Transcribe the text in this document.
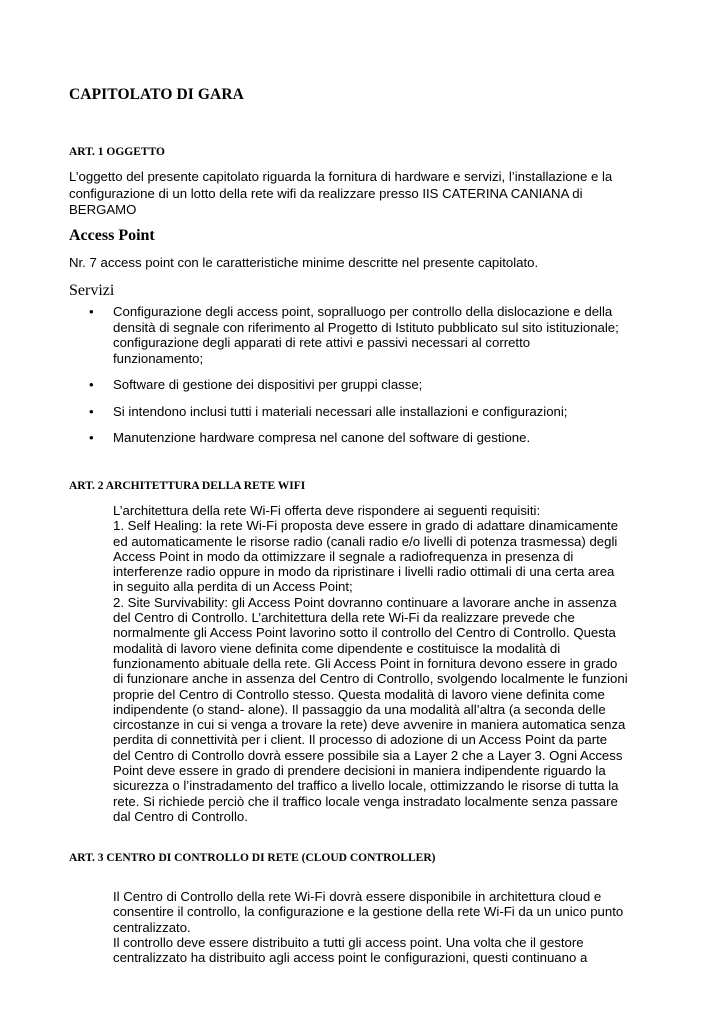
CAPITOLATO DI GARA
ART. 1 OGGETTO
L’oggetto del presente capitolato riguarda la fornitura di hardware e servizi, l’installazione e la
configurazione di un lotto della rete wifi da realizzare presso IIS CATERINA CANIANA di
BERGAMO
Access Point
Nr. 7 access point con le caratteristiche minime descritte nel presente capitolato.
Servizi
• Configurazione degli access point, sopralluogo per controllo della dislocazione e della
densità di segnale con riferimento al Progetto di Istituto pubblicato sul sito istituzionale;
configurazione degli apparati di rete attivi e passivi necessari al corretto
funzionamento;
• Software di gestione dei dispositivi per gruppi classe;
• Si intendono inclusi tutti i materiali necessari alle installazioni e configurazioni;
• Manutenzione hardware compresa nel canone del software di gestione.
ART. 2 ARCHITETTURA DELLA RETE WIFI
L’architettura della rete Wi-Fi offerta deve rispondere ai seguenti requisiti:
1. Self Healing: la rete Wi-Fi proposta deve essere in grado di adattare dinamicamente
ed automaticamente le risorse radio (canali radio e/o livelli di potenza trasmessa) degli
Access Point in modo da ottimizzare il segnale a radiofrequenza in presenza di
interferenze radio oppure in modo da ripristinare i livelli radio ottimali di una certa area
in seguito alla perdita di un Access Point;
2. Site Survivability: gli Access Point dovranno continuare a lavorare anche in assenza
del Centro di Controllo. L’architettura della rete Wi-Fi da realizzare prevede che
normalmente gli Access Point lavorino sotto il controllo del Centro di Controllo. Questa
modalità di lavoro viene definita come dipendente e costituisce la modalità di
funzionamento abituale della rete. Gli Access Point in fornitura devono essere in grado
di funzionare anche in assenza del Centro di Controllo, svolgendo localmente le funzioni
proprie del Centro di Controllo stesso. Questa modalità di lavoro viene definita come
indipendente (o stand- alone). Il passaggio da una modalità all’altra (a seconda delle
circostanze in cui si venga a trovare la rete) deve avvenire in maniera automatica senza
perdita di connettività per i client. Il processo di adozione di un Access Point da parte
del Centro di Controllo dovrà essere possibile sia a Layer 2 che a Layer 3. Ogni Access
Point deve essere in grado di prendere decisioni in maniera indipendente riguardo la
sicurezza o l’instradamento del traffico a livello locale, ottimizzando le risorse di tutta la
rete. Si richiede perciò che il traffico locale venga instradato localmente senza passare
dal Centro di Controllo.
ART. 3 CENTRO DI CONTROLLO DI RETE (CLOUD CONTROLLER)
Il Centro di Controllo della rete Wi-Fi dovrà essere disponibile in architettura cloud e
consentire il controllo, la configurazione e la gestione della rete Wi-Fi da un unico punto
centralizzato.
Il controllo deve essere distribuito a tutti gli access point. Una volta che il gestore
centralizzato ha distribuito agli access point le configurazioni, questi continuano a
